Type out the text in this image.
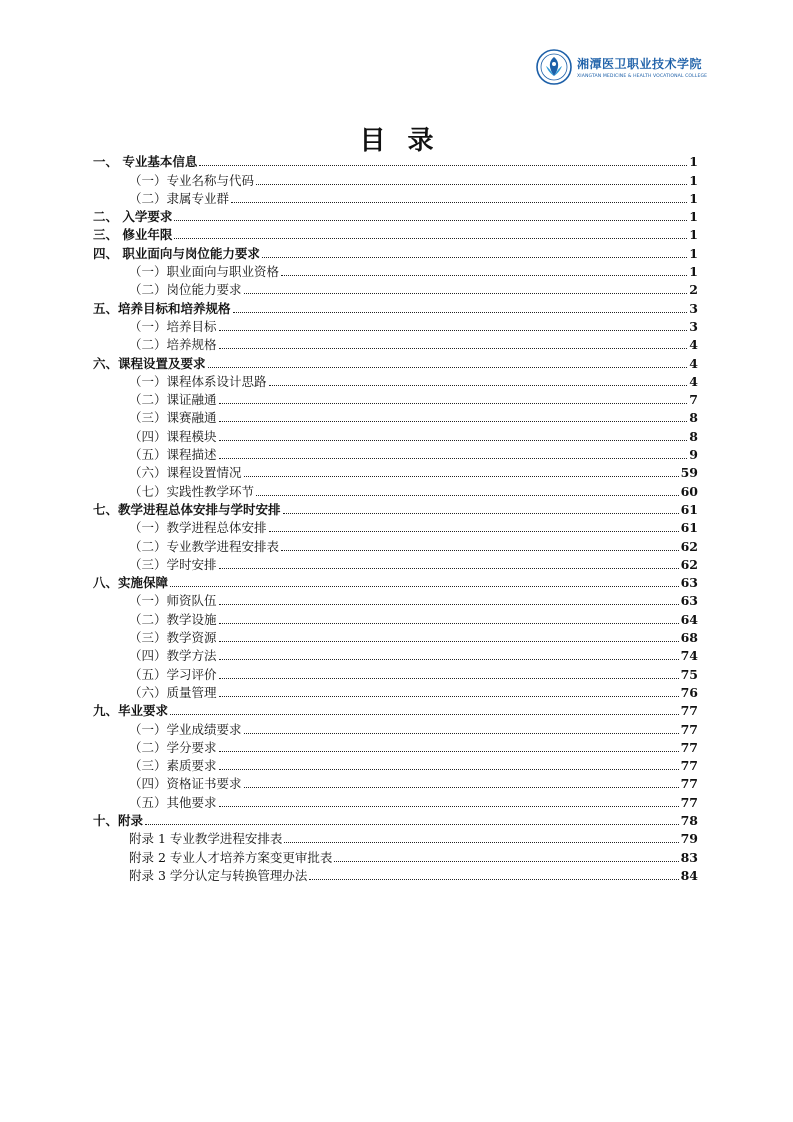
湘潭医卫职业技术学院
XIANGTAN MEDICINE & HEALTH VOCATIONAL COLLEGE
目录
一、 专业基本信息	1
（一）专业名称与代码	1
（二）隶属专业群	1
二、 入学要求	1
三、 修业年限	1
四、 职业面向与岗位能力要求	1
（一）职业面向与职业资格	1
（二）岗位能力要求	2
五、培养目标和培养规格	3
（一）培养目标	3
（二）培养规格	4
六、课程设置及要求	4
（一）课程体系设计思路	4
（二）课证融通	7
（三）课赛融通	8
（四）课程模块	8
（五）课程描述	9
（六）课程设置情况	59
（七）实践性教学环节	60
七、教学进程总体安排与学时安排	61
（一）教学进程总体安排	61
（二）专业教学进程安排表	62
（三）学时安排	62
八、实施保障	63
（一）师资队伍	63
（二）教学设施	64
（三）教学资源	68
（四）教学方法	74
（五）学习评价	75
（六）质量管理	76
九、毕业要求	77
（一）学业成绩要求	77
（二）学分要求	77
（三）素质要求	77
（四）资格证书要求	77
（五）其他要求	77
十、附录	78
附录 1 专业教学进程安排表	79
附录 2 专业人才培养方案变更审批表	83
附录 3 学分认定与转换管理办法	84
